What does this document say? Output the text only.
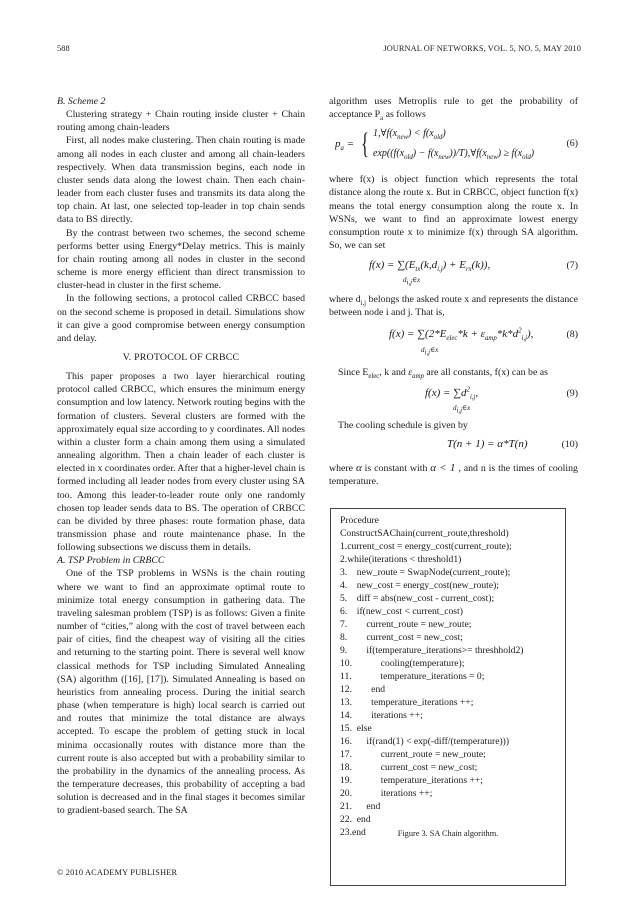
588	JOURNAL OF NETWORKS, VOL. 5, NO. 5, MAY 2010

B. Scheme 2

Clustering strategy + Chain routing inside cluster + Chain routing among chain-leaders

First, all nodes make clustering. Then chain routing is made among all nodes in each cluster and among all chain-leaders respectively. When data transmission begins, each node in cluster sends data along the lowest chain. Then each chain-leader from each cluster fuses and transmits its data along the top chain. At last, one selected top-leader in top chain sends data to BS directly.

By the contrast between two schemes, the second scheme performs better using Energy*Delay metrics. This is mainly for chain routing among all nodes in cluster in the second scheme is more energy efficient than direct transmission to cluster-head in cluster in the first scheme.

In the following sections, a protocol called CRBCC based on the second scheme is proposed in detail. Simulations show it can give a good compromise between energy consumption and delay.

V. PROTOCOL OF CRBCC

This paper proposes a two layer hierarchical routing protocol called CRBCC, which ensures the minimum energy consumption and low latency. Network routing begins with the formation of clusters. Several clusters are formed with the approximately equal size according to y coordinates. All nodes within a cluster form a chain among them using a simulated annealing algorithm. Then a chain leader of each cluster is elected in x coordinates order. After that a higher-level chain is formed including all leader nodes from every cluster using SA too. Among this leader-to-leader route only one randomly chosen top leader sends data to BS. The operation of CRBCC can be divided by three phases: route formation phase, data transmission phase and route maintenance phase. In the following subsections we discuss them in details.

A. TSP Problem in CRBCC

One of the TSP problems in WSNs is the chain routing where we want to find an approximate optimal route to minimize total energy consumption in gathering data. The traveling salesman problem (TSP) is as follows: Given a finite number of “cities,” along with the cost of travel between each pair of cities, find the cheapest way of visiting all the cities and returning to the starting point. There is several well know classical methods for TSP including Simulated Annealing (SA) algorithm ([16], [17]). Simulated Annealing is based on heuristics from annealing process. During the initial search phase (when temperature is high) local search is carried out and routes that minimize the total distance are always accepted. To escape the problem of getting stuck in local minima occasionally routes with distance more than the current route is also accepted but with a probability similar to the probability in the dynamics of the annealing process. As the temperature decreases, this probability of accepting a bad solution is decreased and in the final stages it becomes similar to gradient-based search. The SA

algorithm uses Metroplis rule to get the probability of acceptance $P_a$ as follows

$p_a$ = { $1,\forall f(x_{new}) < f(x_{old})$
$\exp((f(x_{old})$ − $f(x_{new}))/T),\forall f(x_{new}) \ge f(x_{old})$
(6)

where f(x) is object function which represents the total distance along the route x. But in CRBCC, object function f(x) means the total energy consumption along the route x. In WSNs, we want to find an approximate lowest energy consumption route x to minimize f(x) through SA algorithm. So, we can set

$f(x) = \sum(E_{tx}(k,d_{i,j}) + E_{rx}(k))$,
$d_{i,j}\in x$
(7)

where $d_{i,j}$ belongs the asked route x and represents the distance between node i and j. That is,

$f(x) = \sum(2*E_{elec}*k + \varepsilon_{amp}*k*d^2_{i,j})$,
$d_{i,j}\in x$
(8)

Since $E_{elec}$, k and $\varepsilon_{amp}$ are all constants, f(x) can be as

$f(x) = \sum d^2_{i,j}$,
$d_{i,j}\in x$
(9)

The cooling schedule is given by

T(n + 1) = α*T(n)	(10)

where α is constant with α < 1 , and n is the times of cooling temperature.

Procedure
ConstructSAChain(current_route,threshold)
1.current_cost = energy_cost(current_route);
2.while(iterations < threshold1)
3.    new_route = SwapNode(current_route);
4.    new_cost = energy_cost(new_route);
5.    diff = abs(new_cost - current_cost);
6.    if(new_cost < current_cost)
7.        current_route = new_route;
8.        current_cost = new_cost;
9.        if(temperature_iterations>= threshhold2)
10.            cooling(temperature);
11.            temperature_iterations = 0;
12.        end
13.        temperature_iterations ++;
14.        iterations ++;
15.  else
16.      if(rand(1) < exp(-diff/(temperature)))
17.            current_route = new_route;
18.            current_cost = new_cost;
19.            temperature_iterations ++;
20.            iterations ++;
21.      end
22.  end
23.end	Figure 3. SA Chain algorithm.
© 2010 ACADEMY PUBLISHER
